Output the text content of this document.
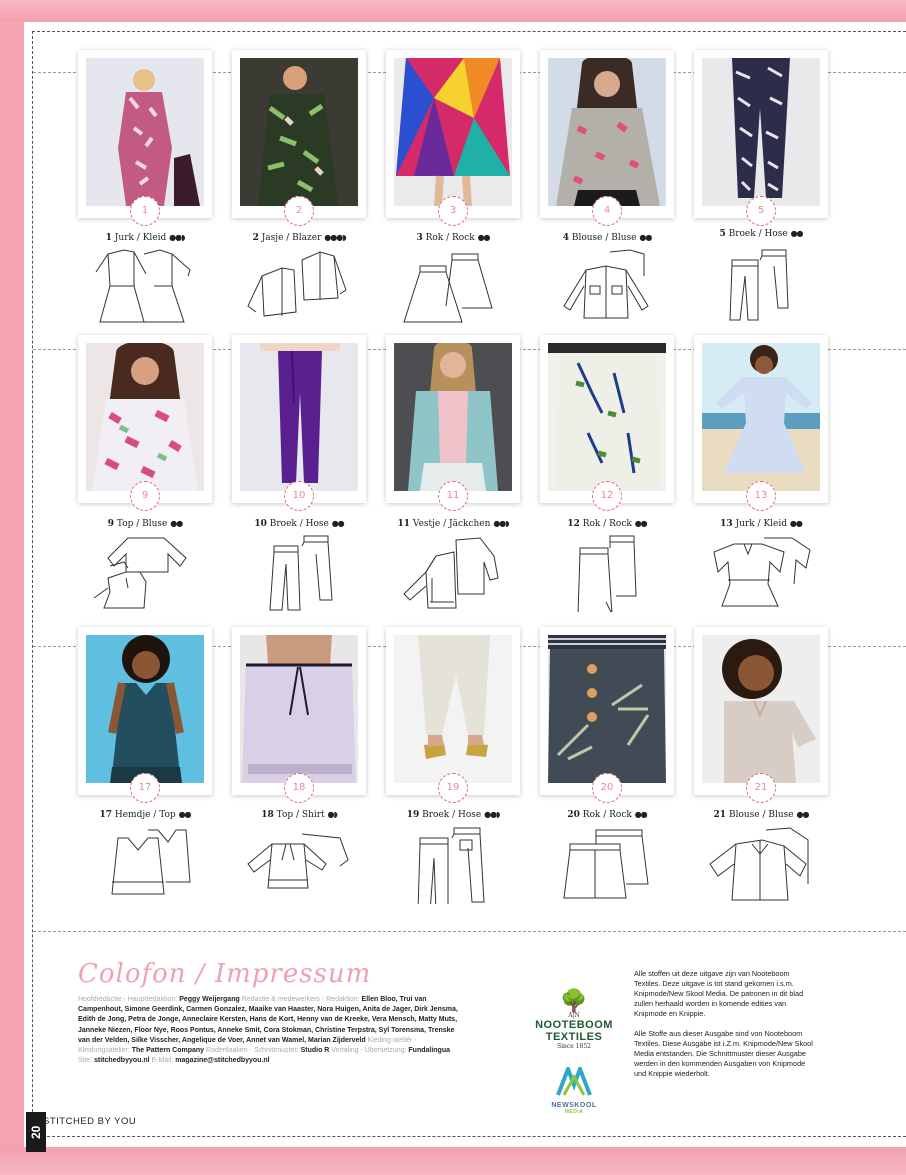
1
1 Jurk / Kleid ●●◗
2
2 Jasje / Blazer ●●●◗
3
3 Rok / Rock ●●
4
4 Blouse / Bluse ●●
5
5 Broek / Hose ●●
9
9 Top / Bluse ●●
10
10 Broek / Hose ●●
11
11 Vestje / Jäckchen ●●◗
12
12 Rok / Rock ●●
13
13 Jurk / Kleid ●●
17
17 Hemdje / Top ●●
18
18 Top / Shirt ●◗
19
19 Broek / Hose ●●◗
20
20 Rok / Rock ●●
21
21 Blouse / Bluse ●●
Colofon / Impressum
Hoofdredactie - Hauptredaktion: Peggy Weijergang Redactie & medewerkers - Redaktion: Ellen Bloo, Trui van Campenhout, Simone Geerdink, Carmen Gonzalez, Maaike van Haaster, Nora Huigen, Anita de Jager, Dirk Jensma, Edith de Jong, Petra de Jonge, Anneclaire Kersten, Hans de Kort, Henny van de Kreeke, Vera Mensch, Matty Muts, Janneke Niezen, Floor Nye, Roos Pontus, Anneke Smit, Cora Stokman, Christine Terpstra, Syl Torensma, Trenske van der Velden, Silke Visscher, Angelique de Voer, Annet van Wamel, Marian Zijderveld Kleding-ateliér - Kleidungsatelier: The Pattern Company Radertlaaken - Schnittmuster: Studio R Vertaling - Übersetzung: Fundalingua Site: stitchedbyyou.nl E-Mail: magazine@stitchedbyyou.nl
🌳
A|N
NOOTEBOOM
TEXTILES
Since 1852
NEWSKOOL
MEDIA

Alle stoffen uit deze uitgave zijn van Nooteboom Textiles. Deze uitgave is tot stand gekomen i.s.m. Knipmode/New Skool Media. De patronen in dit blad zullen herhaald worden in komende edities van Knipmode en Knippie.

Alle Stoffe aus dieser Ausgabe sind von Nooteboom Textiles. Diese Ausgabe ist i.Z.m. Knipmode/New Skool Media entstanden. Die Schnittmuster dieser Ausgabe werden in den kommenden Ausgaben von Knipmode und Knippie wiederholt.

20
STITCHED BY YOU
